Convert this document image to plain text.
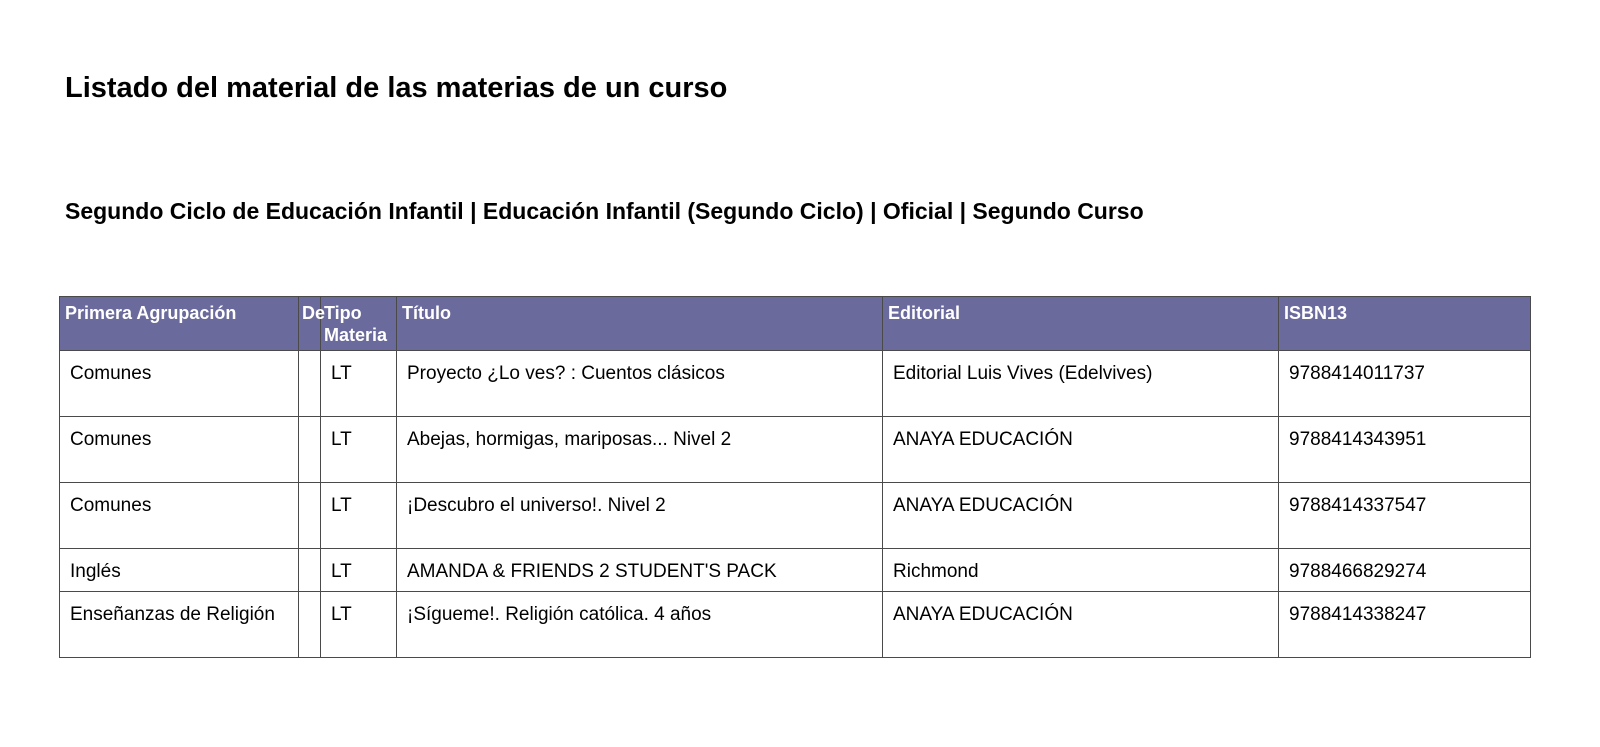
Listado del material de las materias de un curso
Segundo Ciclo de Educación Infantil | Educación Infantil (Segundo Ciclo) | Oficial | Segundo Curso
Primera Agrupación	De	Tipo Materia	Título	Editorial	ISBN13
Comunes		LT	Proyecto ¿Lo ves? : Cuentos clásicos	Editorial Luis Vives (Edelvives)	9788414011737
Comunes		LT	Abejas, hormigas, mariposas... Nivel 2	ANAYA EDUCACIÓN	9788414343951
Comunes		LT	¡Descubro el universo!. Nivel 2	ANAYA EDUCACIÓN	9788414337547
Inglés		LT	AMANDA & FRIENDS 2 STUDENT'S PACK	Richmond	9788466829274
Enseñanzas de Religión		LT	¡Sígueme!. Religión católica. 4 años	ANAYA EDUCACIÓN	9788414338247
